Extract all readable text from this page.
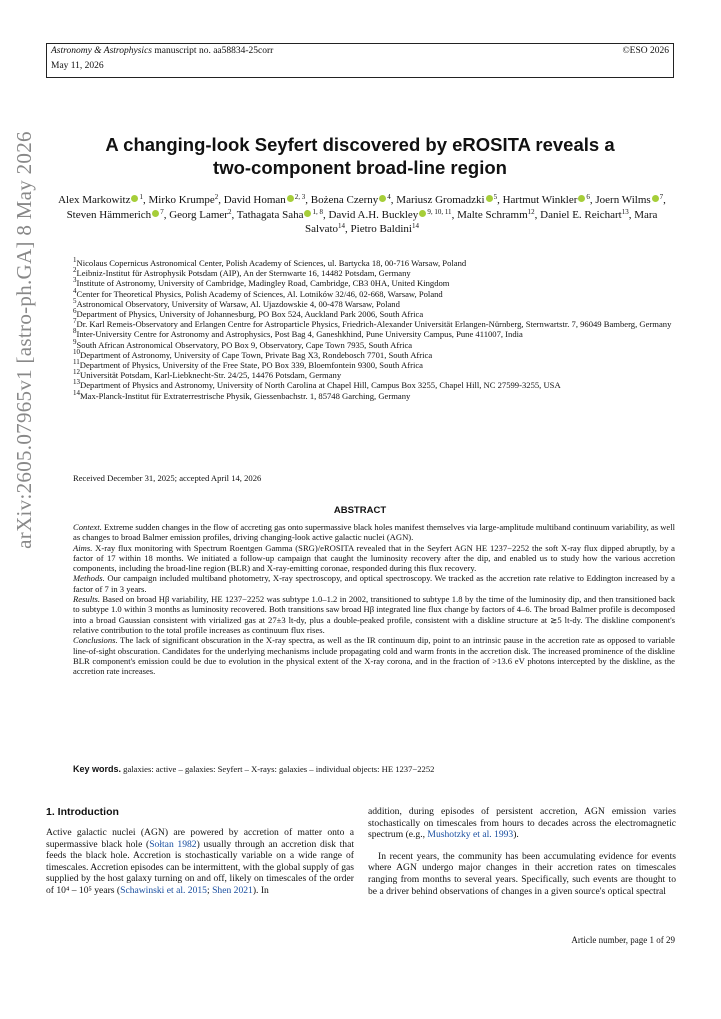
Astronomy & Astrophysics manuscript no. aa58834-25corr
May 11, 2026
©ESO 2026
arXiv:2605.07965v1 [astro-ph.GA] 8 May 2026	A changing-look Seyfert discovered by eROSITA reveals a
two-component broad-line region
Alex Markowitz $^1$, Mirko Krumpe$^2$, David Homan $^{2, 3}$, Bożena Czerny $^4$, Mariusz Gromadzki $^5$, Hartmut Winkler $^6$, Joern Wilms $^7$, Steven Hämmerich $^7$, Georg Lamer$^2$, Tathagata Saha $^{1, 8}$, David A.H. Buckley $^{9, 10, 11}$, Malte Schramm$^{12}$, Daniel E. Reichart$^{13}$, Mara Salvato$^{14}$, Pietro Baldini$^{14}$
$^1$Nicolaus Copernicus Astronomical Center, Polish Academy of Sciences, ul. Bartycka 18, 00-716 Warsaw, Poland
$^2$Leibniz-Institut für Astrophysik Potsdam (AIP), An der Sternwarte 16, 14482 Potsdam, Germany
$^3$Institute of Astronomy, University of Cambridge, Madingley Road, Cambridge, CB3 0HA, United Kingdom
$^4$Center for Theoretical Physics, Polish Academy of Sciences, Al. Lotników 32/46, 02-668, Warsaw, Poland
$^5$Astronomical Observatory, University of Warsaw, Al. Ujazdowskie 4, 00-478 Warsaw, Poland
$^6$Department of Physics, University of Johannesburg, PO Box 524, Auckland Park 2006, South Africa
$^7$Dr. Karl Remeis-Observatory and Erlangen Centre for Astroparticle Physics, Friedrich-Alexander Universität Erlangen-Nürnberg, Sternwartstr. 7, 96049 Bamberg, Germany
$^8$Inter-University Centre for Astronomy and Astrophysics, Post Bag 4, Ganeshkhind, Pune University Campus, Pune 411007, India
$^9$South African Astronomical Observatory, PO Box 9, Observatory, Cape Town 7935, South Africa
$^{10}$Department of Astronomy, University of Cape Town, Private Bag X3, Rondebosch 7701, South Africa
$^{11}$Department of Physics, University of the Free State, PO Box 339, Bloemfontein 9300, South Africa
$^{12}$Universität Potsdam, Karl-Liebknecht-Str. 24/25, 14476 Potsdam, Germany
$^{13}$Department of Physics and Astronomy, University of North Carolina at Chapel Hill, Campus Box 3255, Chapel Hill, NC 27599-3255, USA
$^{14}$Max-Planck-Institut für Extraterrestrische Physik, Giessenbachstr. 1, 85748 Garching, Germany
Received December 31, 2025; accepted April 14, 2026
ABSTRACT

Context. Extreme sudden changes in the flow of accreting gas onto supermassive black holes manifest themselves via large-amplitude multiband continuum variability, as well as changes to broad Balmer emission profiles, driving changing-look active galactic nuclei (AGN).

Aims. X-ray flux monitoring with Spectrum Roentgen Gamma (SRG)/eROSITA revealed that in the Seyfert AGN HE 1237−2252 the soft X-ray flux dipped abruptly, by a factor of 17 within 18 months. We initiated a follow-up campaign that caught the luminosity recovery after the dip, and enabled us to study how the various accretion components, including the broad-line region (BLR) and X-ray-emitting coronae, responded during this flux recovery.

Methods. Our campaign included multiband photometry, X-ray spectroscopy, and optical spectroscopy. We tracked as the accretion rate relative to Eddington increased by a factor of 7 in 3 years.

Results. Based on broad Hβ variability, HE 1237−2252 was subtype 1.0–1.2 in 2002, transitioned to subtype 1.8 by the time of the luminosity dip, and then transitioned back to subtype 1.0 within 3 months as luminosity recovered. Both transitions saw broad Hβ integrated line flux change by factors of 4–6. The broad Balmer profile is decomposed into a broad Gaussian consistent with virialized gas at 27±3 lt-dy, plus a double-peaked profile, consistent with a diskline structure at ≳5 lt-dy. The diskline component's relative contribution to the total profile increases as continuum flux rises.

Conclusions. The lack of significant obscuration in the X-ray spectra, as well as the IR continuum dip, point to an intrinsic pause in the accretion rate as opposed to variable line-of-sight obscuration. Candidates for the underlying mechanisms include propagating cold and warm fronts in the accretion disk. The increased prominence of the diskline BLR component's emission could be due to evolution in the physical extent of the X-ray corona, and in the fraction of >13.6 eV photons intercepted by the diskline, as the accretion rate increases.

Key words. galaxies: active – galaxies: Seyfert – X-rays: galaxies – individual objects: HE 1237−2252
1. Introduction

Active galactic nuclei (AGN) are powered by accretion of matter onto a supermassive black hole (Sołtan 1982) usually through an accretion disk that feeds the black hole. Accretion is stochastically variable on a wide range of timescales. Accretion episodes can be intermittent, with the global supply of gas supplied by the host galaxy turning on and off, likely on timescales of the order of 10⁴ – 10⁵ years (Schawinski et al. 2015; Shen 2021). In

addition, during episodes of persistent accretion, AGN emission varies stochastically on timescales from hours to decades across the electromagnetic spectrum (e.g., Mushotzky et al. 1993).

In recent years, the community has been accumulating evidence for events where AGN undergo major changes in their accretion rates on timescales ranging from months to several years. Specifically, such events are thought to be a driver behind observations of changes in a given source's optical spectral

Article number, page 1 of 29
